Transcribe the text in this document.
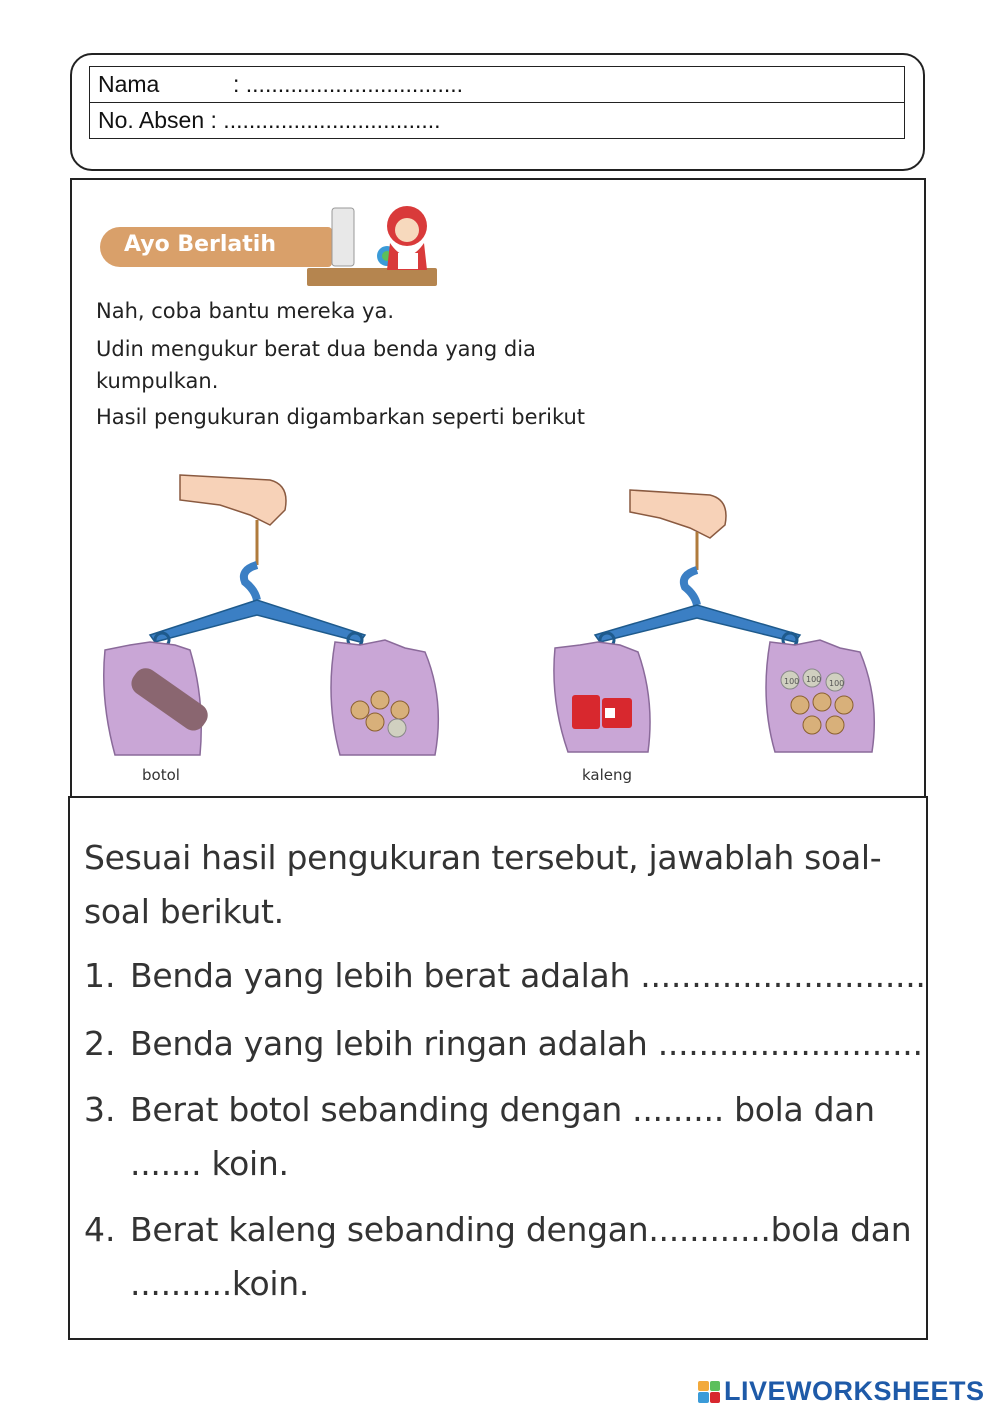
Nama	: ..................................
No. Absen : ..................................
Ayo Berlatih
Nah, coba bantu mereka ya.
Udin mengukur berat dua benda yang dia
kumpulkan.
Hasil pengukuran digambarkan seperti berikut
botol
100 100 100
kaleng
Sesuai hasil pengukuran tersebut, jawablah soal-
soal berikut.
1. Benda yang lebih berat adalah ............................
2. Benda yang lebih ringan adalah ..........................
3. Berat botol sebanding dengan ......... bola dan
....... koin.
4. Berat kaleng sebanding dengan............bola dan
..........koin.
LIVEWORKSHEETS
